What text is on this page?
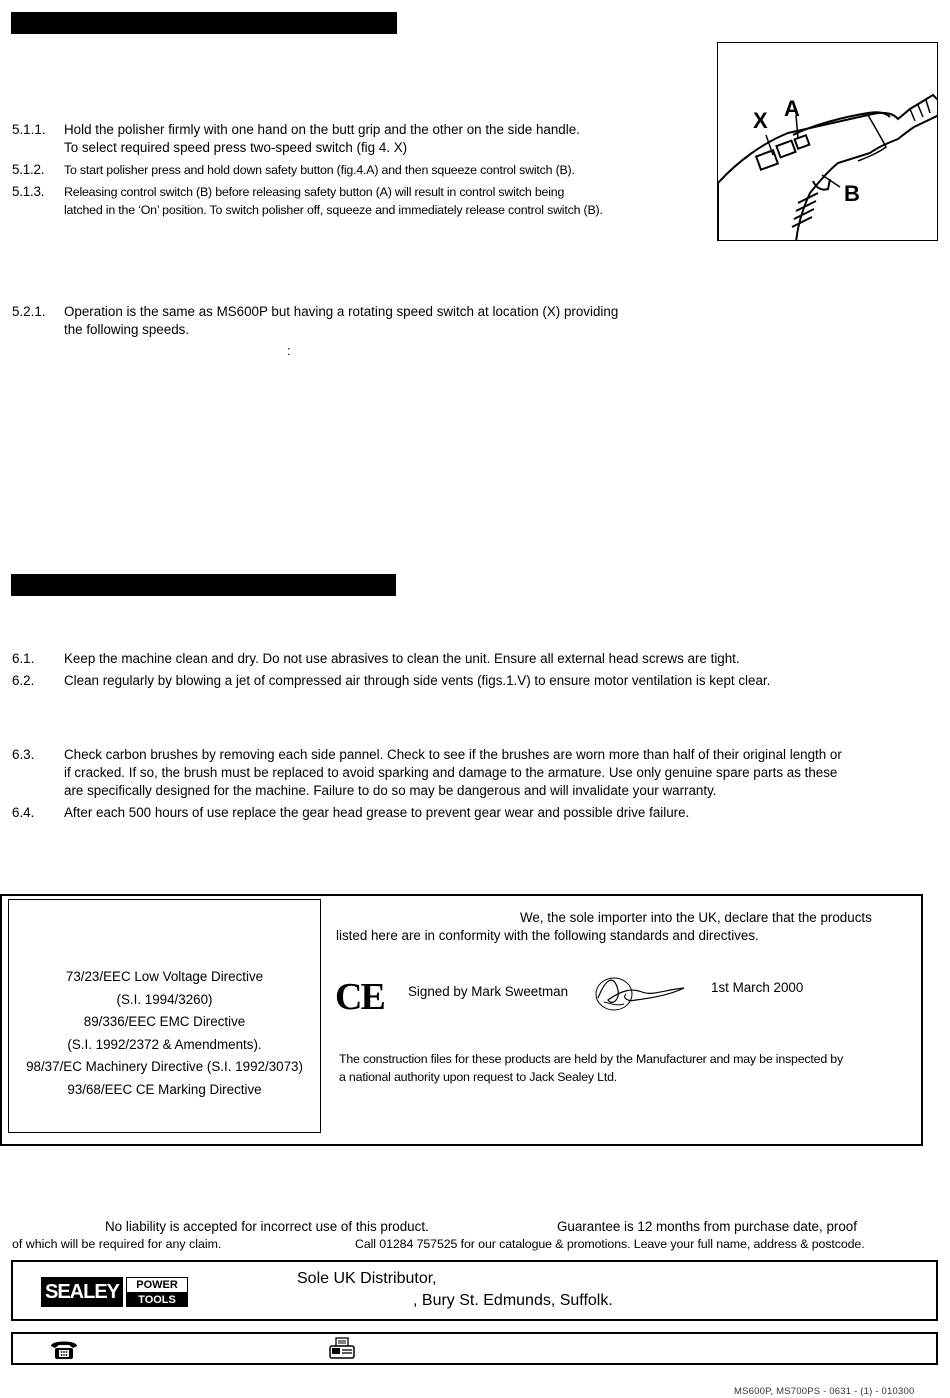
5.1.1.	Hold the polisher firmly with one hand on the butt grip and the other on the side handle.
To select required speed press two-speed switch (fig 4. X)
5.1.2.	To start polisher press and hold down safety button (fig.4.A) and then squeeze control switch (B).
5.1.3.	Releasing control switch (B) before releasing safety button (A) will result in control switch being
latched in the ‘On’ position. To switch polisher off, squeeze and immediately release control switch (B).
5.2.1.	Operation is the same as MS600P but having a rotating speed switch at location (X) providing
the following speeds.
:
X A
B
6.1.	Keep the machine clean and dry. Do not use abrasives to clean the unit. Ensure all external head screws are tight.
6.2.	Clean regularly by blowing a jet of compressed air through side vents (figs.1.V) to ensure motor ventilation is kept clear.
6.3.	Check carbon brushes by removing each side pannel. Check to see if the brushes are worn more than half of their original length or
if cracked. If so, the brush must be replaced to avoid sparking and damage to the armature. Use only genuine spare parts as these
are specifically designed for the machine. Failure to do so may be dangerous and will invalidate your warranty.
6.4.	After each 500 hours of use replace the gear head grease to prevent gear wear and possible drive failure.
73/23/EEC Low Voltage Directive
(S.I. 1994/3260)
89/336/EEC EMC Directive
(S.I. 1992/2372 & Amendments).
98/37/EC Machinery Directive (S.I. 1992/3073)
93/68/EEC CE Marking Directive
We, the sole importer into the UK, declare that the products
listed here are in conformity with the following standards and directives.
CE Signed by Mark Sweetman	1st March 2000
The construction files for these products are held by the Manufacturer and may be inspected by
a national authority upon request to Jack Sealey Ltd.
No liability is accepted for incorrect use of this product.	Guarantee is 12 months from purchase date, proof
of which will be required for any claim.	Call 01284 757525 for our catalogue & promotions. Leave your full name, address & postcode.
SEALEY	POWER
TOOLS
Sole UK Distributor,
, Bury St. Edmunds, Suffolk.
MS600P, MS700PS - 0631 - (1) - 010300
